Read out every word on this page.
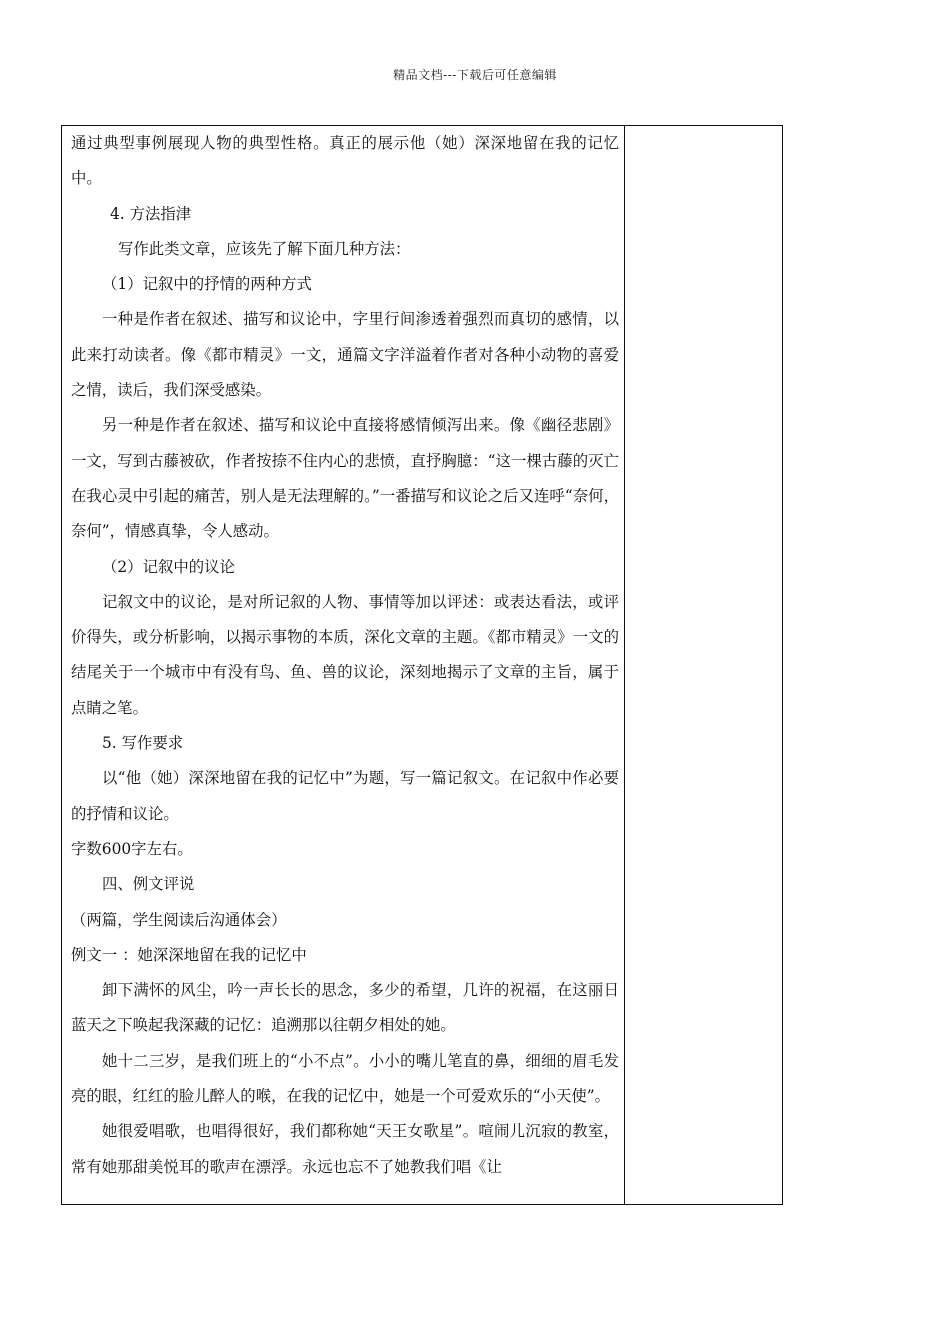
精品文档---下载后可任意编辑

通过典型事例展现人物的典型性格。真正的展示他（她）深深地留在我的记忆中。

4. 方法指津

写作此类文章，应该先了解下面几种方法：

（1）记叙中的抒情的两种方式

一种是作者在叙述、描写和议论中，字里行间渗透着强烈而真切的感情，以此来打动读者。像《都市精灵》一文，通篇文字洋溢着作者对各种小动物的喜爱之情，读后，我们深受感染。

另一种是作者在叙述、描写和议论中直接将感情倾泻出来。像《幽径悲剧》一文，写到古藤被砍，作者按捺不住内心的悲愤，直抒胸臆：“这一棵古藤的灭亡在我心灵中引起的痛苦，别人是无法理解的。”一番描写和议论之后又连呼“奈何，奈何”，情感真挚，令人感动。

（2）记叙中的议论

记叙文中的议论，是对所记叙的人物、事情等加以评述：或表达看法，或评价得失，或分析影响，以揭示事物的本质，深化文章的主题。《都市精灵》一文的结尾关于一个城市中有没有鸟、鱼、兽的议论，深刻地揭示了文章的主旨，属于点睛之笔。

5. 写作要求

以“他（她）深深地留在我的记忆中”为题，写一篇记叙文。在记叙中作必要的抒情和议论。

字数600字左右。

四、例文评说

（两篇，学生阅读后沟通体会）

例文一 ：她深深地留在我的记忆中

卸下满怀的风尘，吟一声长长的思念，多少的希望，几许的祝福，在这丽日蓝天之下唤起我深藏的记忆：追溯那以往朝夕相处的她。

她十二三岁，是我们班上的“小不点”。小小的嘴儿笔直的鼻，细细的眉毛发亮的眼，红红的脸儿醉人的喉，在我的记忆中，她是一个可爱欢乐的“小天使”。

她很爱唱歌，也唱得很好，我们都称她“天王女歌星”。喧闹儿沉寂的教室，常有她那甜美悦耳的歌声在漂浮。永远也忘不了她教我们唱《让
